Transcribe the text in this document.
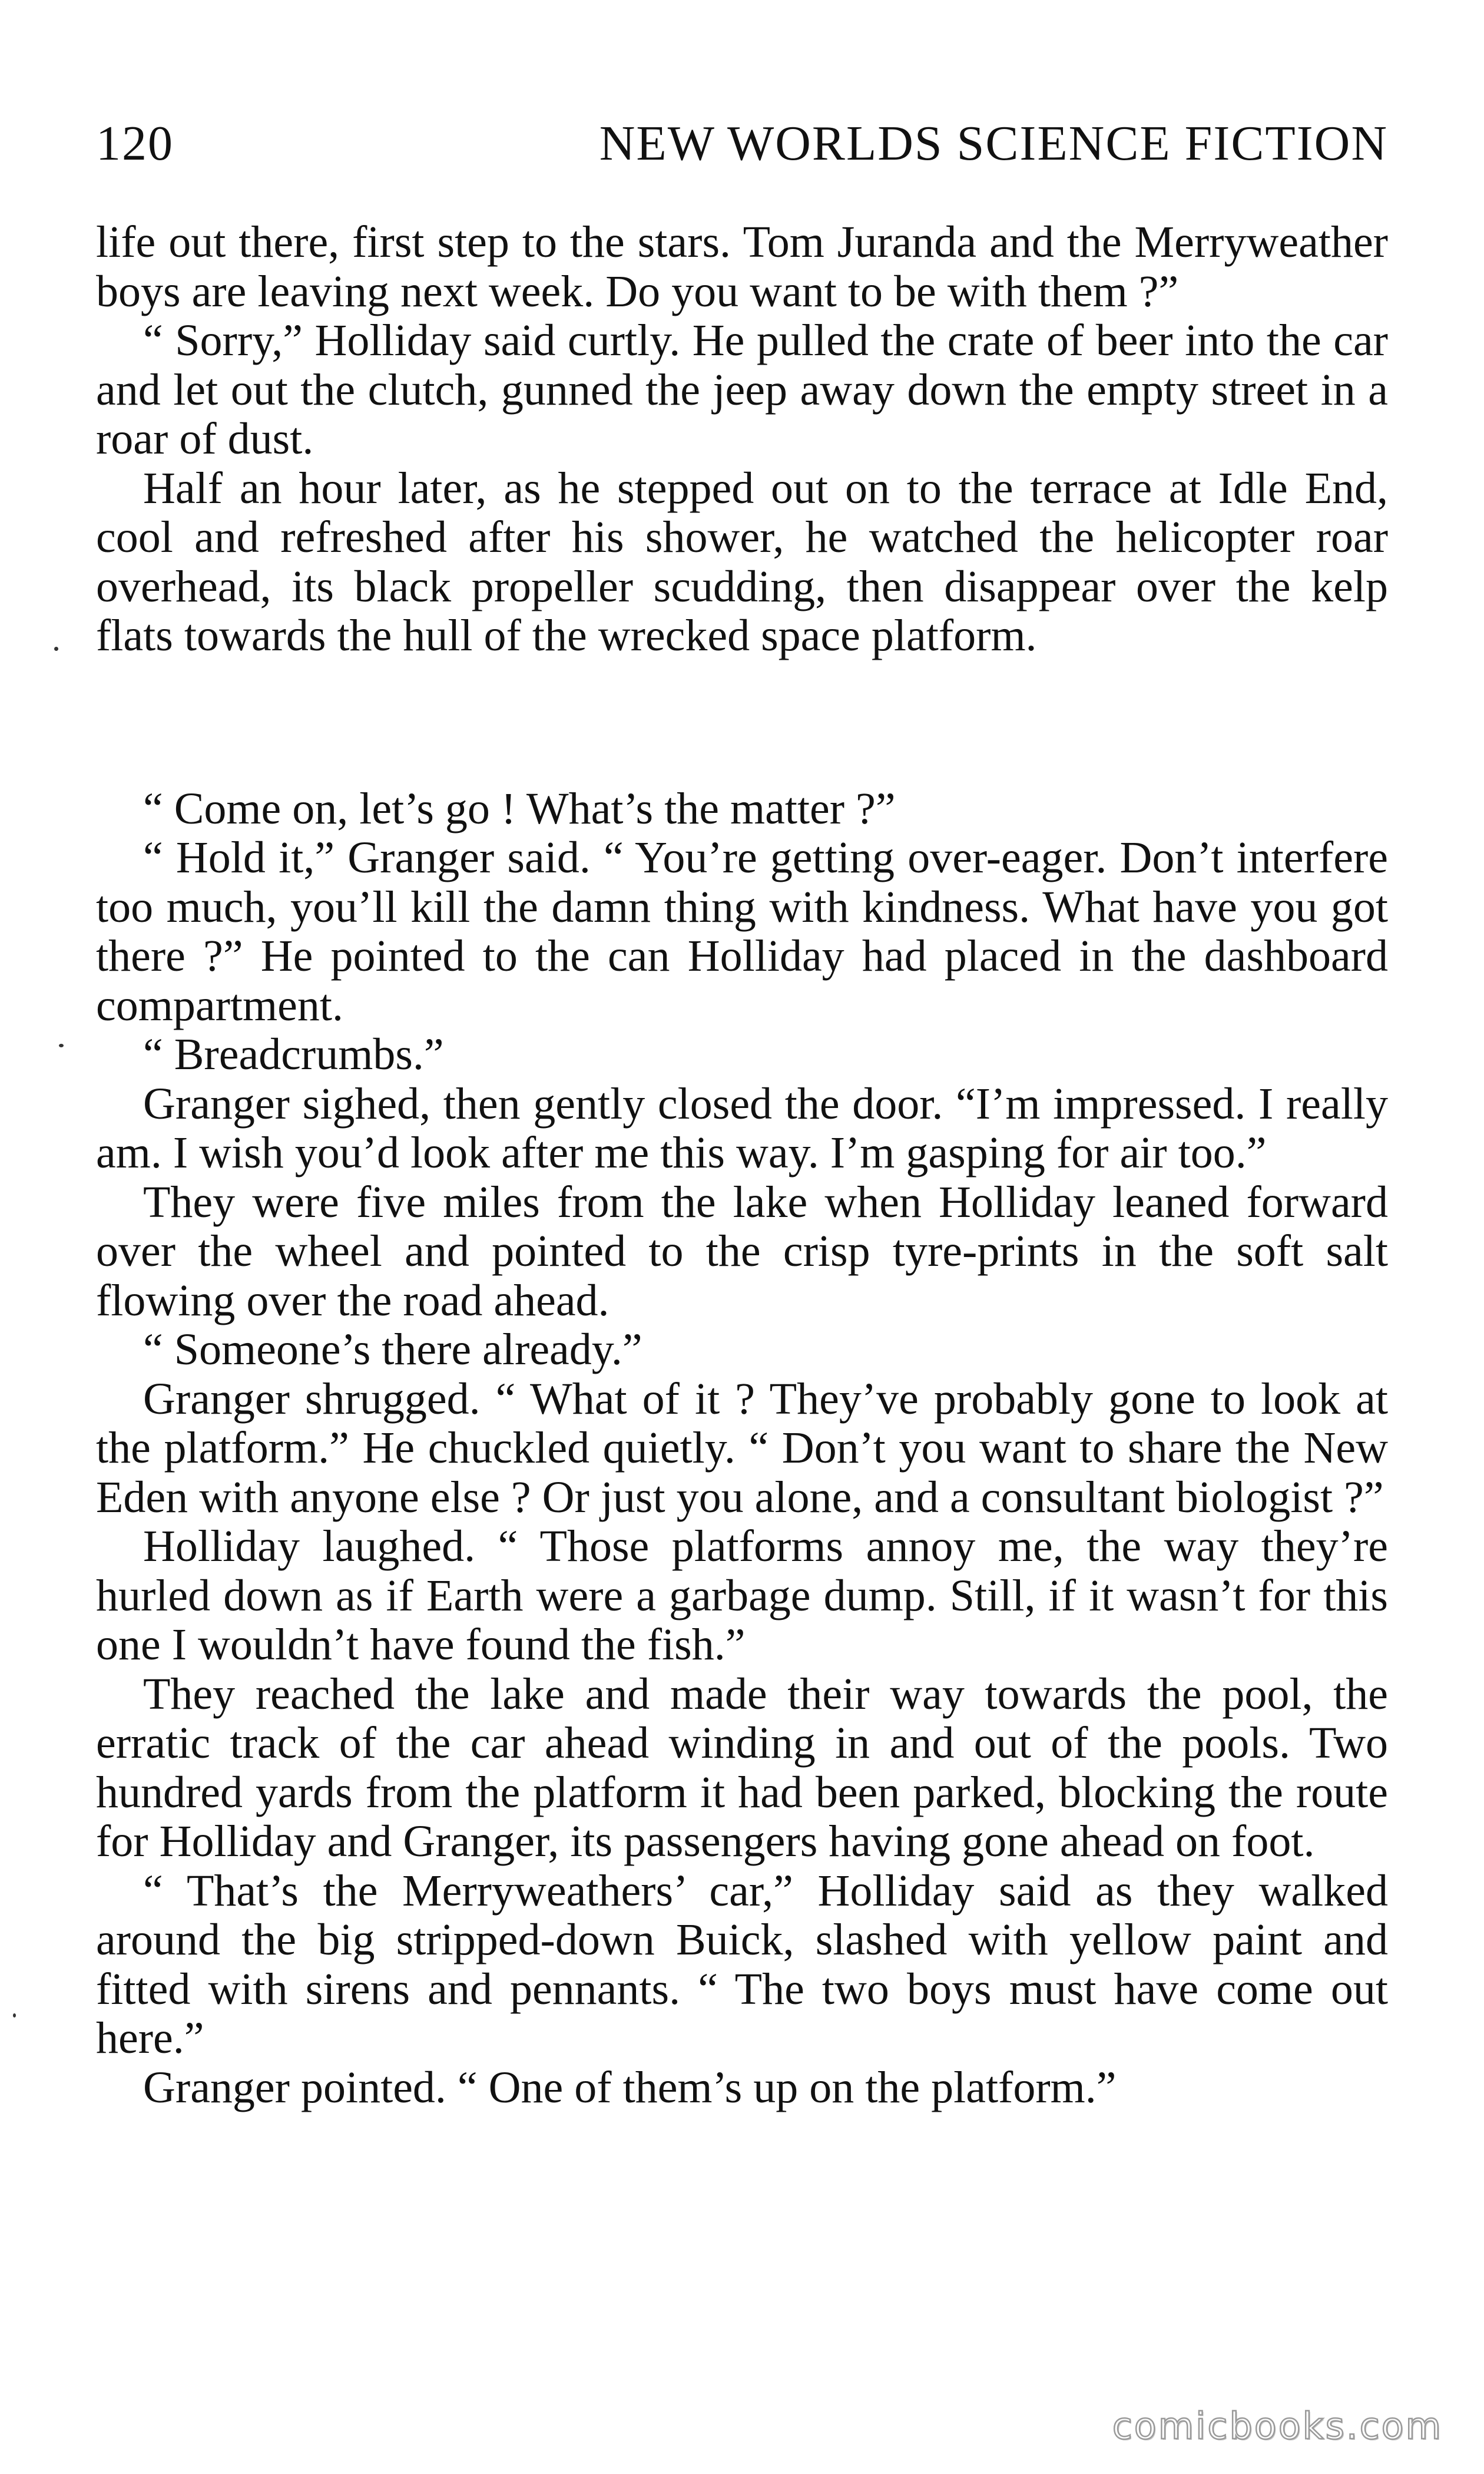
120	NEW WORLDS SCIENCE FICTION

life out there, first step to the stars. Tom Juranda and the Merryweather boys are leaving next week. Do you want to be with them ?”

“ Sorry,” Holliday said curtly. He pulled the crate of beer into the car and let out the clutch, gunned the jeep away down the empty street in a roar of dust.

Half an hour later, as he stepped out on to the terrace at Idle End, cool and refreshed after his shower, he watched the helicopter roar overhead, its black propeller scudding, then disappear over the kelp flats towards the hull of the wrecked space platform.

“ Come on, let’s go ! What’s the matter ?”

“ Hold it,” Granger said. “ You’re getting over-eager. Don’t interfere too much, you’ll kill the damn thing with kindness. What have you got there ?” He pointed to the can Holliday had placed in the dashboard compartment.

“ Breadcrumbs.”

Granger sighed, then gently closed the door. “I’m impressed. I really am. I wish you’d look after me this way. I’m gasping for air too.”

They were five miles from the lake when Holliday leaned forward over the wheel and pointed to the crisp tyre-prints in the soft salt flowing over the road ahead.

“ Someone’s there already.”

Granger shrugged. “ What of it ? They’ve probably gone to look at the platform.” He chuckled quietly. “ Don’t you want to share the New Eden with anyone else ? Or just you alone, and a consultant biologist ?”

Holliday laughed. “ Those platforms annoy me, the way they’re hurled down as if Earth were a garbage dump. Still, if it wasn’t for this one I wouldn’t have found the fish.”

They reached the lake and made their way towards the pool, the erratic track of the car ahead winding in and out of the pools. Two hundred yards from the platform it had been parked, blocking the route for Holliday and Granger, its passengers having gone ahead on foot.

“ That’s the Merryweathers’ car,” Holliday said as they walked around the big stripped-down Buick, slashed with yellow paint and fitted with sirens and pennants. “ The two boys must have come out here.”

Granger pointed. “ One of them’s up on the platform.”

comicbooks.com
